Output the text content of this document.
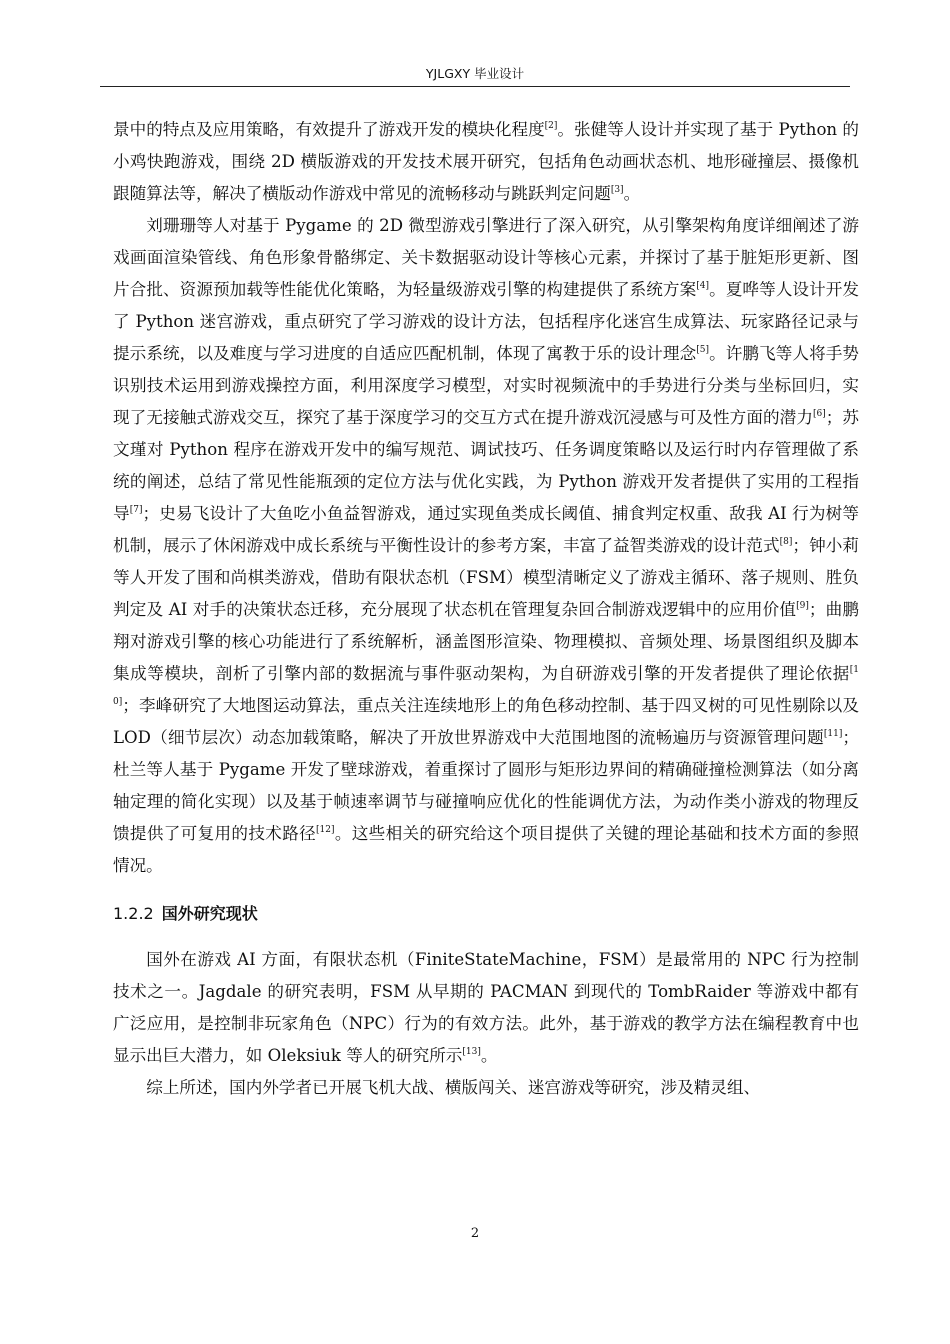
YJLGXY 毕业设计

景中的特点及应用策略，有效提升了游戏开发的模块化程度[2]。张健等人设计并实现了基于 Python 的小鸡快跑游戏，围绕 2D 横版游戏的开发技术展开研究，包括角色动画状态机、地形碰撞层、摄像机跟随算法等，解决了横版动作游戏中常见的流畅移动与跳跃判定问题[3]。

刘珊珊等人对基于 Pygame 的 2D 微型游戏引擎进行了深入研究，从引擎架构角度详细阐述了游戏画面渲染管线、角色形象骨骼绑定、关卡数据驱动设计等核心元素，并探讨了基于脏矩形更新、图片合批、资源预加载等性能优化策略，为轻量级游戏引擎的构建提供了系统方案[4]。夏哗等人设计开发了 Python 迷宫游戏，重点研究了学习游戏的设计方法，包括程序化迷宫生成算法、玩家路径记录与提示系统，以及难度与学习进度的自适应匹配机制，体现了寓教于乐的设计理念[5]。许鹏飞等人将手势识别技术运用到游戏操控方面，利用深度学习模型，对实时视频流中的手势进行分类与坐标回归，实现了无接触式游戏交互，探究了基于深度学习的交互方式在提升游戏沉浸感与可及性方面的潜力[6]；苏文瑾对 Python 程序在游戏开发中的编写规范、调试技巧、任务调度策略以及运行时内存管理做了系统的阐述，总结了常见性能瓶颈的定位方法与优化实践，为 Python 游戏开发者提供了实用的工程指导[7]；史易飞设计了大鱼吃小鱼益智游戏，通过实现鱼类成长阈值、捕食判定权重、敌我 AI 行为树等机制，展示了休闲游戏中成长系统与平衡性设计的参考方案，丰富了益智类游戏的设计范式[8]；钟小莉等人开发了围和尚棋类游戏，借助有限状态机（FSM）模型清晰定义了游戏主循环、落子规则、胜负判定及 AI 对手的决策状态迁移，充分展现了状态机在管理复杂回合制游戏逻辑中的应用价值[9]；曲鹏翔对游戏引擎的核心功能进行了系统解析，涵盖图形渲染、物理模拟、音频处理、场景图组织及脚本集成等模块，剖析了引擎内部的数据流与事件驱动架构，为自研游戏引擎的开发者提供了理论依据[10]；李峰研究了大地图运动算法，重点关注连续地形上的角色移动控制、基于四叉树的可见性剔除以及 LOD（细节层次）动态加载策略，解决了开放世界游戏中大范围地图的流畅遍历与资源管理问题[11]；杜兰等人基于 Pygame 开发了壁球游戏，着重探讨了圆形与矩形边界间的精确碰撞检测算法（如分离轴定理的简化实现）以及基于帧速率调节与碰撞响应优化的性能调优方法，为动作类小游戏的物理反馈提供了可复用的技术路径[12]。这些相关的研究给这个项目提供了关键的理论基础和技术方面的参照情况。

1.2.2 国外研究现状

国外在游戏 AI 方面，有限状态机（FiniteStateMachine，FSM）是最常用的 NPC 行为控制技术之一。Jagdale 的研究表明，FSM 从早期的 PACMAN 到现代的 TombRaider 等游戏中都有广泛应用，是控制非玩家角色（NPC）行为的有效方法。此外，基于游戏的教学方法在编程教育中也显示出巨大潜力，如 Oleksiuk 等人的研究所示[13]。

综上所述，国内外学者已开展飞机大战、横版闯关、迷宫游戏等研究，涉及精灵组、

2
